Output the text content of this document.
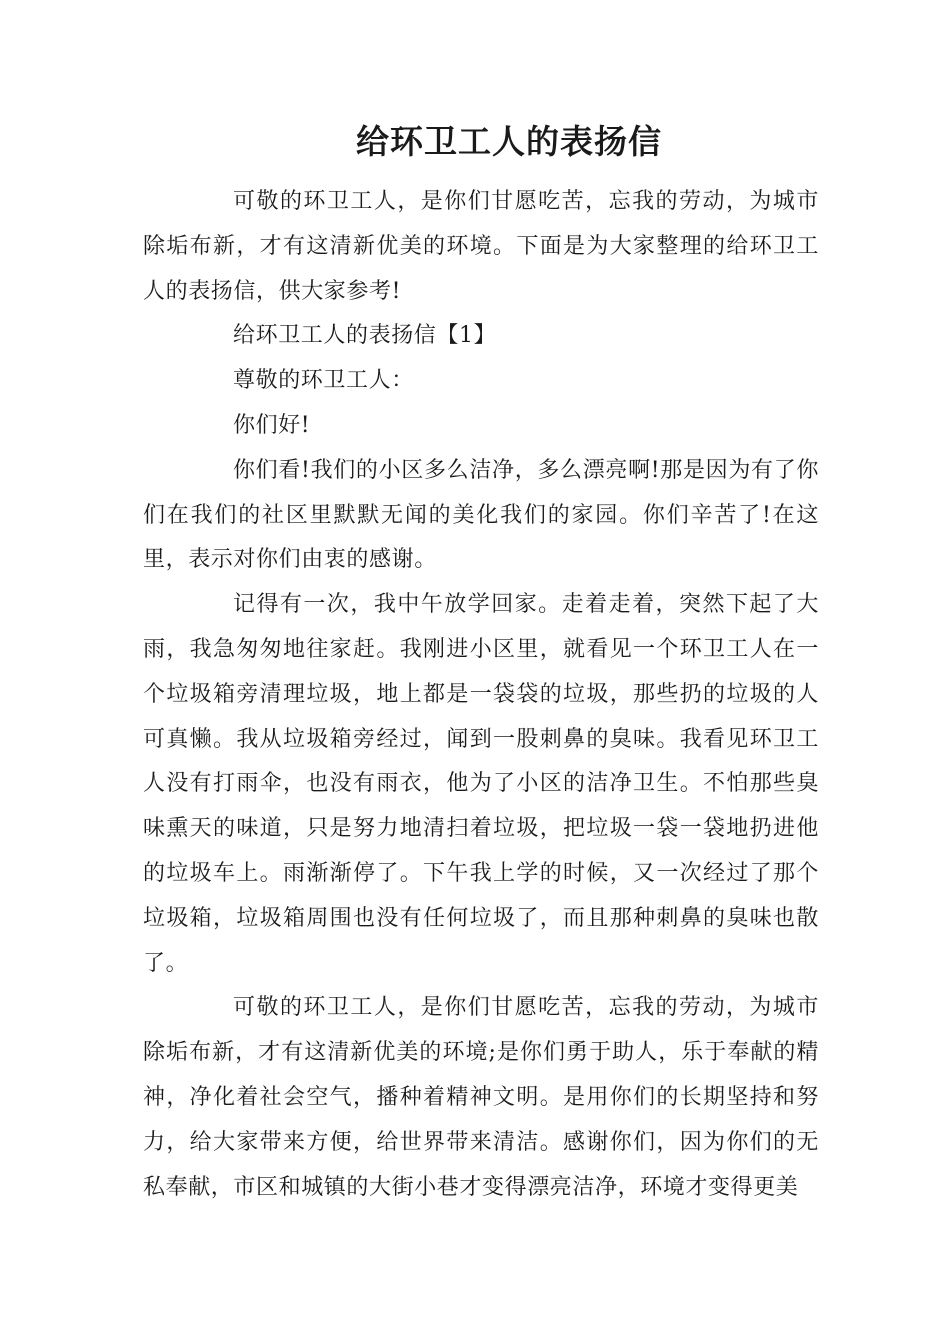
给环卫工人的表扬信

可敬的环卫工人，是你们甘愿吃苦，忘我的劳动，为城市除垢布新，才有这清新优美的环境。下面是为大家整理的给环卫工人的表扬信，供大家参考!

给环卫工人的表扬信【1】

尊敬的环卫工人：

你们好!

你们看!我们的小区多么洁净，多么漂亮啊!那是因为有了你们在我们的社区里默默无闻的美化我们的家园。你们辛苦了!在这里，表示对你们由衷的感谢。

记得有一次，我中午放学回家。走着走着，突然下起了大雨，我急匆匆地往家赶。我刚进小区里，就看见一个环卫工人在一个垃圾箱旁清理垃圾，地上都是一袋袋的垃圾，那些扔的垃圾的人可真懒。我从垃圾箱旁经过，闻到一股刺鼻的臭味。我看见环卫工人没有打雨伞，也没有雨衣，他为了小区的洁净卫生。不怕那些臭味熏天的味道，只是努力地清扫着垃圾，把垃圾一袋一袋地扔进他的垃圾车上。雨渐渐停了。下午我上学的时候，又一次经过了那个垃圾箱，垃圾箱周围也没有任何垃圾了，而且那种刺鼻的臭味也散了。

可敬的环卫工人，是你们甘愿吃苦，忘我的劳动，为城市除垢布新，才有这清新优美的环境;是你们勇于助人，乐于奉献的精神，净化着社会空气，播种着精神文明。是用你们的长期坚持和努力，给大家带来方便，给世界带来清洁。感谢你们，因为你们的无私奉献，市区和城镇的大街小巷才变得漂亮洁净，环境才变得更美
